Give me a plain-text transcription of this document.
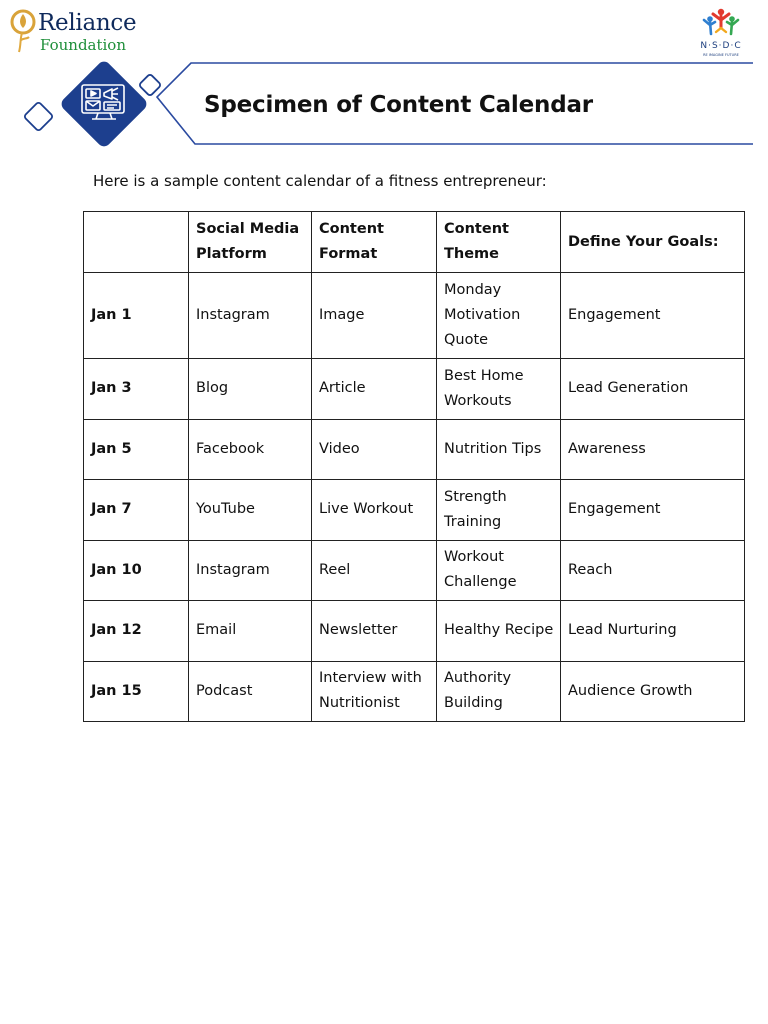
Reliance
Foundation	N·S·D·C
RE IMAGINE FUTURE
Specimen of Content Calendar

Here is a sample content calendar of a fitness entrepreneur:

	Social Media Platform	Content Format	Content Theme	Define Your Goals:
Jan 1	Instagram	Image	Monday Motivation Quote	Engagement
Jan 3	Blog	Article	Best Home Workouts	Lead Generation
Jan 5	Facebook	Video	Nutrition Tips	Awareness
Jan 7	YouTube	Live Workout	Strength Training	Engagement
Jan 10	Instagram	Reel	Workout Challenge	Reach
Jan 12	Email	Newsletter	Healthy Recipe	Lead Nurturing
Jan 15	Podcast	Interview with Nutritionist	Authority Building	Audience Growth
